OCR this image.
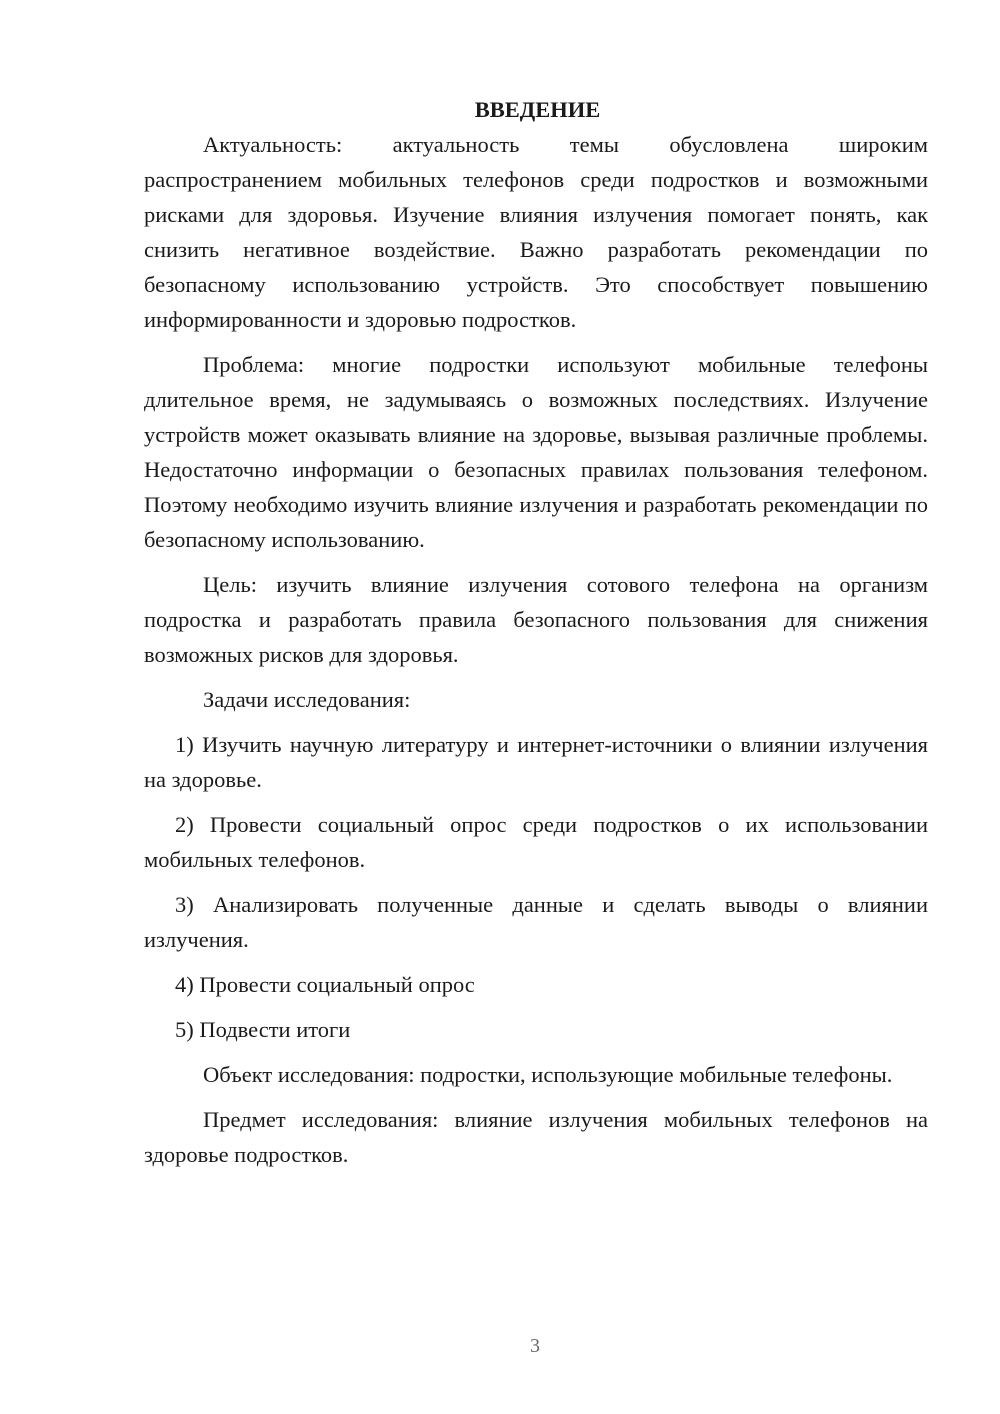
ВВЕДЕНИЕ

Актуальность: актуальность темы обусловлена широким распространением мобильных телефонов среди подростков и возможными рисками для здоровья. Изучение влияния излучения помогает понять, как снизить негативное воздействие. Важно разработать рекомендации по безопасному использованию устройств. Это способствует повышению информированности и здоровью подростков.

Проблема: многие подростки используют мобильные телефоны длительное время, не задумываясь о возможных последствиях. Излучение устройств может оказывать влияние на здоровье, вызывая различные проблемы. Недостаточно информации о безопасных правилах пользования телефоном. Поэтому необходимо изучить влияние излучения и разработать рекомендации по безопасному использованию.

Цель: изучить влияние излучения сотового телефона на организм подростка и разработать правила безопасного пользования для снижения возможных рисков для здоровья.

Задачи исследования:

1) Изучить научную литературу и интернет-источники о влиянии излучения на здоровье.

2) Провести социальный опрос среди подростков о их использовании мобильных телефонов.

3) Анализировать полученные данные и сделать выводы о влиянии излучения.

4) Провести социальный опрос

5) Подвести итоги

Объект исследования: подростки, использующие мобильные телефоны.

Предмет исследования: влияние излучения мобильных телефонов на здоровье подростков.

3
